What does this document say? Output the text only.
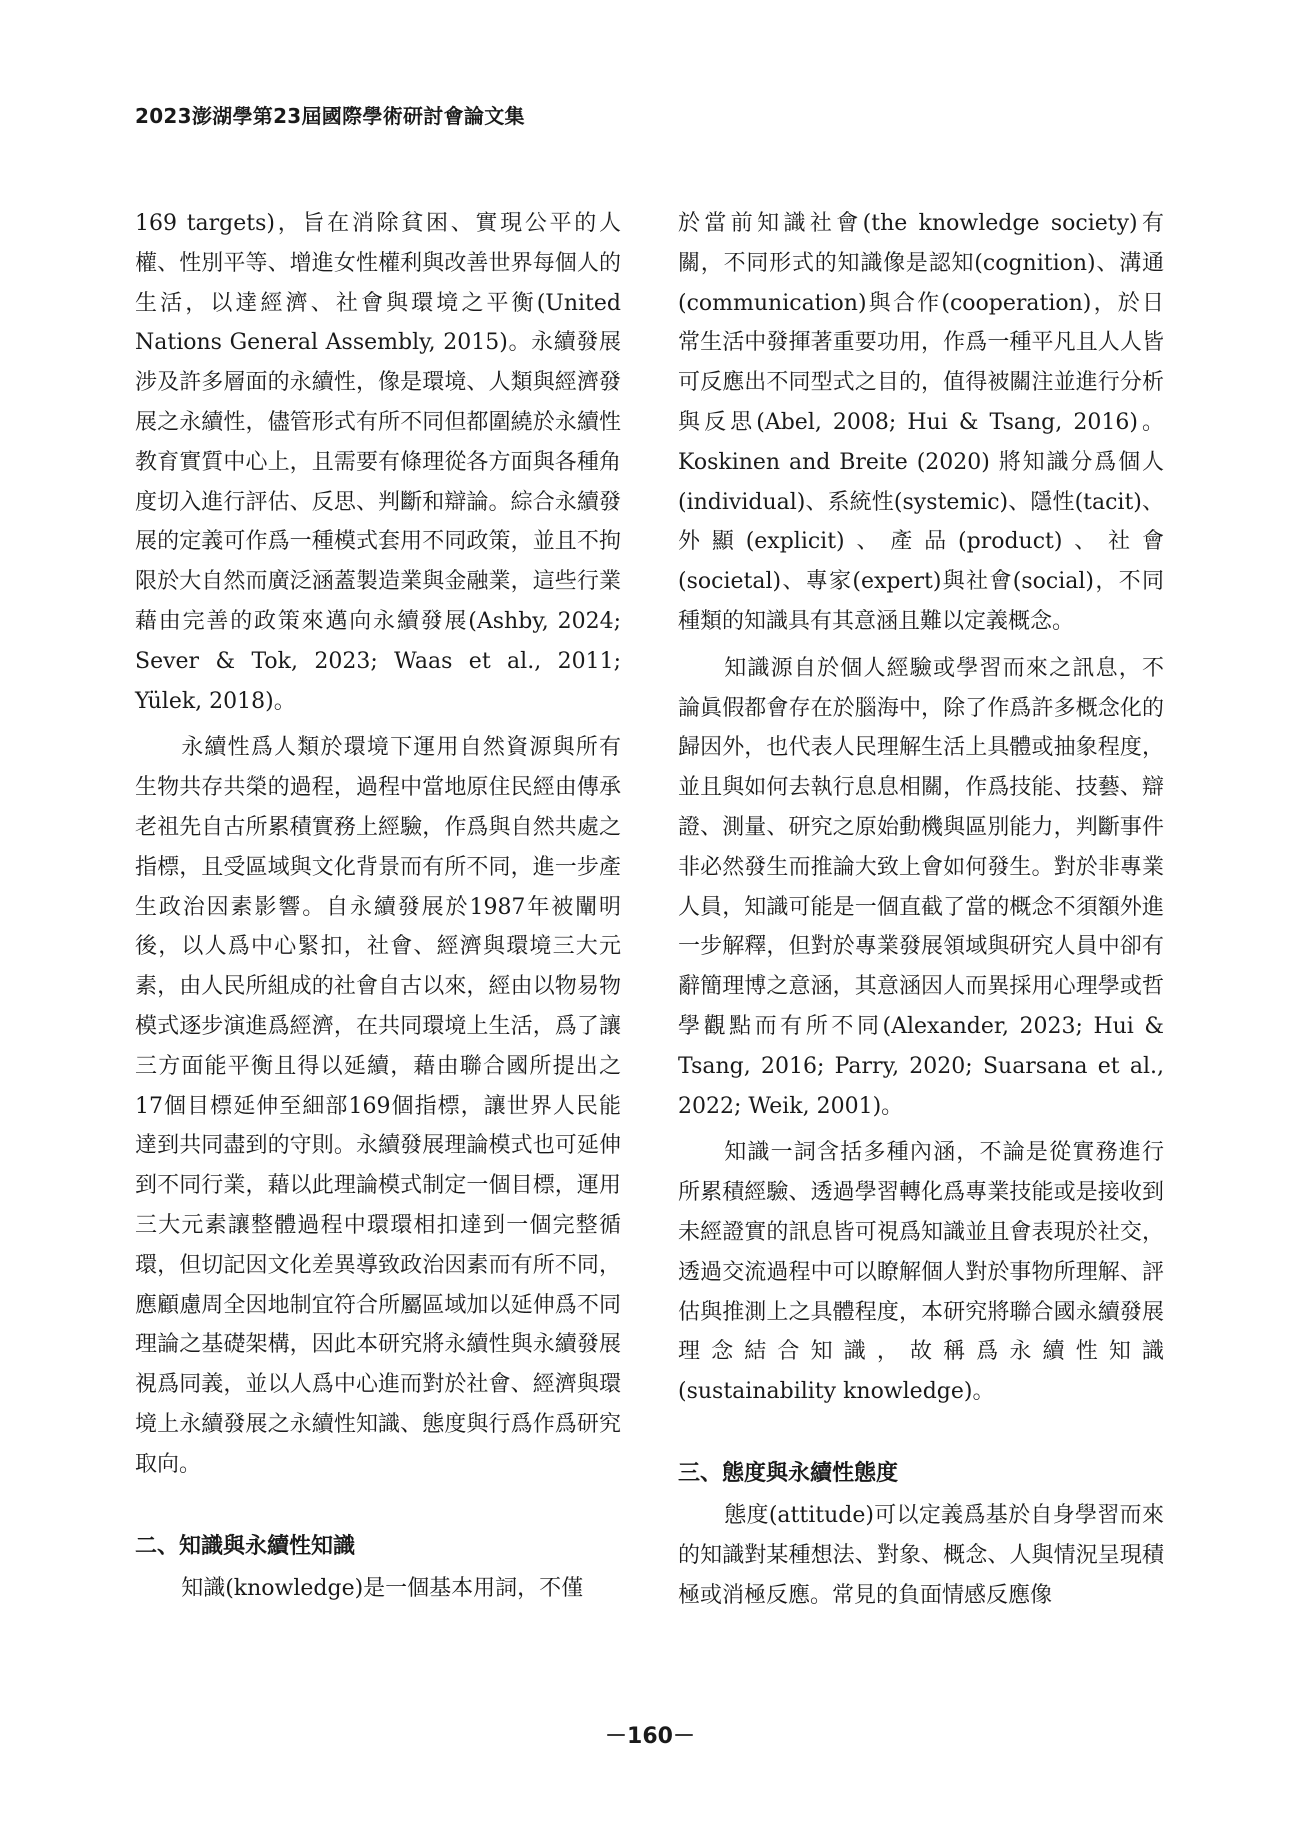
2023澎湖學第23屆國際學術研討會論文集

169 targets)，旨在消除貧困、實現公平的人權、性別平等、增進女性權利與改善世界每個人的生活，以達經濟、社會與環境之平衡(United Nations General Assembly, 2015)。永續發展涉及許多層面的永續性，像是環境、人類與經濟發展之永續性，儘管形式有所不同但都圍繞於永續性教育實質中心上，且需要有條理從各方面與各種角度切入進行評估、反思、判斷和辯論。綜合永續發展的定義可作爲一種模式套用不同政策，並且不拘限於大自然而廣泛涵蓋製造業與金融業，這些行業藉由完善的政策來邁向永續發展(Ashby, 2024; Sever & Tok, 2023; Waas et al., 2011; Yülek, 2018)。

永續性爲人類於環境下運用自然資源與所有生物共存共榮的過程，過程中當地原住民經由傳承老祖先自古所累積實務上經驗，作爲與自然共處之指標，且受區域與文化背景而有所不同，進一步產生政治因素影響。自永續發展於1987年被闡明後，以人爲中心緊扣，社會、經濟與環境三大元素，由人民所組成的社會自古以來，經由以物易物模式逐步演進爲經濟，在共同環境上生活，爲了讓三方面能平衡且得以延續，藉由聯合國所提出之17個目標延伸至細部169個指標，讓世界人民能達到共同盡到的守則。永續發展理論模式也可延伸到不同行業，藉以此理論模式制定一個目標，運用三大元素讓整體過程中環環相扣達到一個完整循環，但切記因文化差異導致政治因素而有所不同，應顧慮周全因地制宜符合所屬區域加以延伸爲不同理論之基礎架構，因此本研究將永續性與永續發展視爲同義，並以人爲中心進而對於社會、經濟與環境上永續發展之永續性知識、態度與行爲作爲研究取向。

二、知識與永續性知識

知識(knowledge)是一個基本用詞，不僅

於當前知識社會(the knowledge society)有關，不同形式的知識像是認知(cognition)、溝通(communication)與合作(cooperation)，於日常生活中發揮著重要功用，作爲一種平凡且人人皆可反應出不同型式之目的，值得被關注並進行分析與反思(Abel, 2008; Hui & Tsang, 2016)。Koskinen and Breite (2020) 將知識分爲個人(individual)、系統性(systemic)、隱性(tacit)、外顯(explicit)、產品(product)、社會(societal)、專家(expert)與社會(social)，不同種類的知識具有其意涵且難以定義概念。

知識源自於個人經驗或學習而來之訊息，不論眞假都會存在於腦海中，除了作爲許多概念化的歸因外，也代表人民理解生活上具體或抽象程度，並且與如何去執行息息相關，作爲技能、技藝、辯證、測量、研究之原始動機與區別能力，判斷事件非必然發生而推論大致上會如何發生。對於非專業人員，知識可能是一個直截了當的概念不須額外進一步解釋，但對於專業發展領域與研究人員中卻有辭簡理博之意涵，其意涵因人而異採用心理學或哲學觀點而有所不同(Alexander, 2023; Hui & Tsang, 2016; Parry, 2020; Suarsana et al., 2022; Weik, 2001)。

知識一詞含括多種內涵，不論是從實務進行所累積經驗、透過學習轉化爲專業技能或是接收到未經證實的訊息皆可視爲知識並且會表現於社交，透過交流過程中可以瞭解個人對於事物所理解、評估與推測上之具體程度，本研究將聯合國永續發展理念結合知識，故稱爲永續性知識(sustainability knowledge)。

三、態度與永續性態度

態度(attitude)可以定義爲基於自身學習而來的知識對某種想法、對象、概念、人與情況呈現積極或消極反應。常見的負面情感反應像

－160－
